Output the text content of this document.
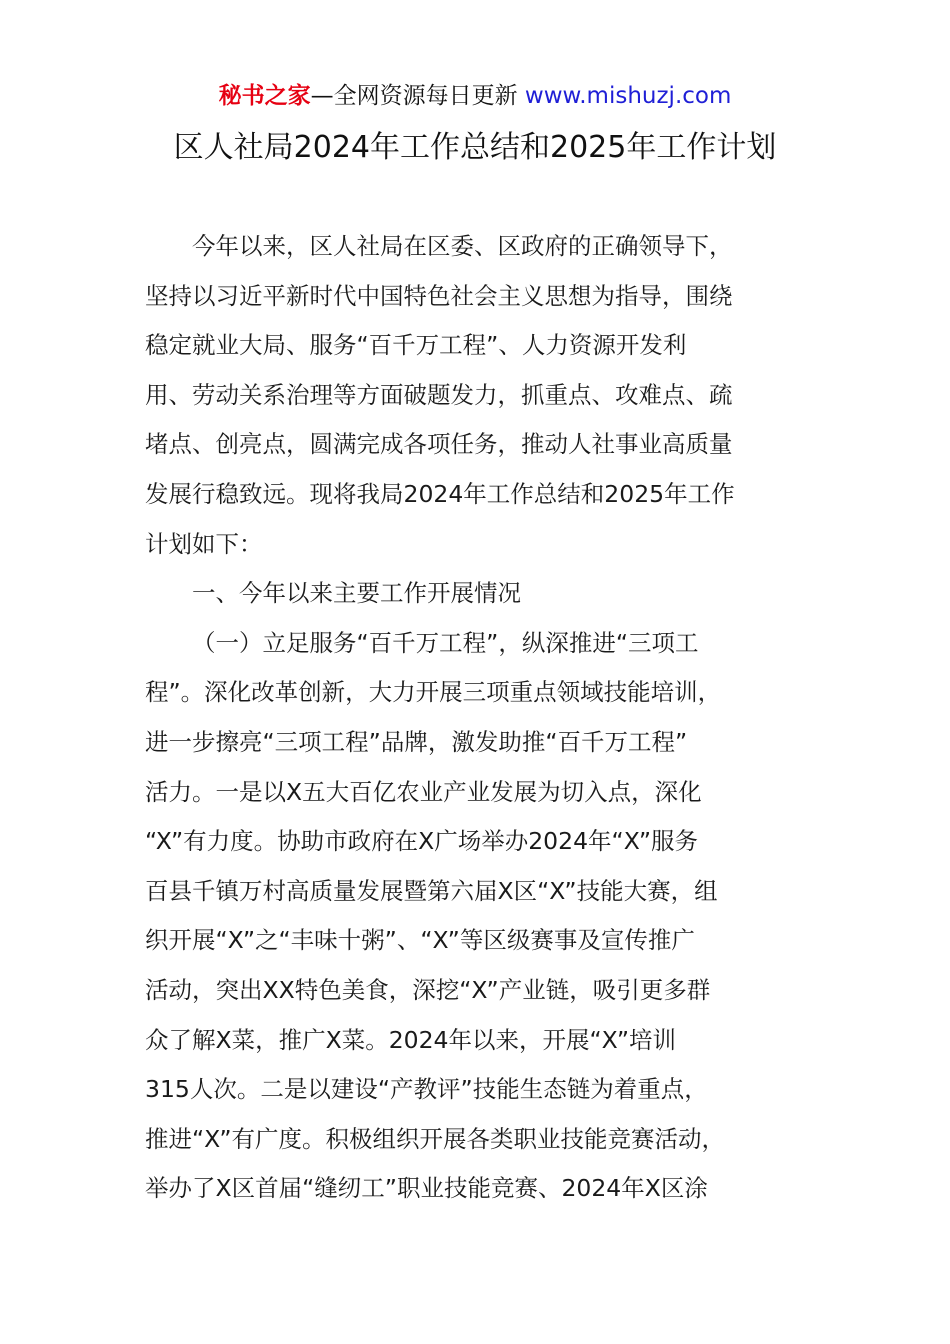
秘书之家—全网资源每日更新 www.mishuzj.com
区人社局2024年工作总结和2025年工作计划
今年以来，区人社局在区委、区政府的正确领导下，
坚持以习近平新时代中国特色社会主义思想为指导，围绕
稳定就业大局、服务“百千万工程”、人力资源开发利
用、劳动关系治理等方面破题发力，抓重点、攻难点、疏
堵点、创亮点，圆满完成各项任务，推动人社事业高质量
发展行稳致远。现将我局2024年工作总结和2025年工作
计划如下：
一、今年以来主要工作开展情况
（一）立足服务“百千万工程”，纵深推进“三项工
程”。深化改革创新，大力开展三项重点领域技能培训，
进一步擦亮“三项工程”品牌，激发助推“百千万工程”
活力。一是以X五大百亿农业产业发展为切入点，深化
“X”有力度。协助市政府在X广场举办2024年“X”服务
百县千镇万村高质量发展暨第六届X区“X”技能大赛，组
织开展“X”之“丰味十粥”、“X”等区级赛事及宣传推广
活动，突出XX特色美食，深挖“X”产业链，吸引更多群
众了解X菜，推广X菜。2024年以来，开展“X”培训
315人次。二是以建设“产教评”技能生态链为着重点，
推进“X”有广度。积极组织开展各类职业技能竞赛活动，
举办了X区首届“缝纫工”职业技能竞赛、2024年X区涂
